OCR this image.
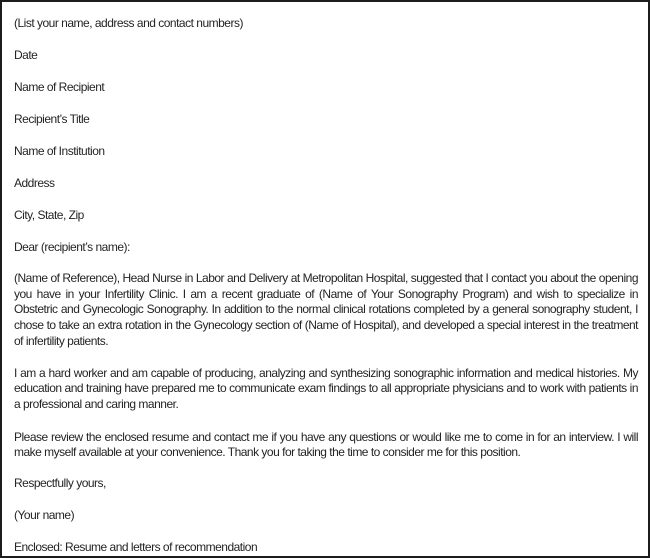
(List your name, address and contact numbers)
Date
Name of Recipient
Recipient’s Title
Name of Institution
Address
City, State, Zip
Dear (recipient’s name):

(Name of Reference), Head Nurse in Labor and Delivery at Metropolitan Hospital, suggested that I contact you about the opening you have in your Infertility Clinic. I am a recent graduate of (Name of Your Sonography Program) and wish to specialize in Obstetric and Gynecologic Sonography. In addition to the normal clinical rotations completed by a general sonography student, I chose to take an extra rotation in the Gynecology section of (Name of Hospital), and developed a special interest in the treatment of infertility patients.

I am a hard worker and am capable of producing, analyzing and synthesizing sonographic information and medical histories. My education and training have prepared me to communicate exam findings to all appropriate physicians and to work with patients in a professional and caring manner.

Please review the enclosed resume and contact me if you have any questions or would like me to come in for an interview. I will make myself available at your convenience. Thank you for taking the time to consider me for this position.

Respectfully yours,
(Your name)
Enclosed: Resume and letters of recommendation
